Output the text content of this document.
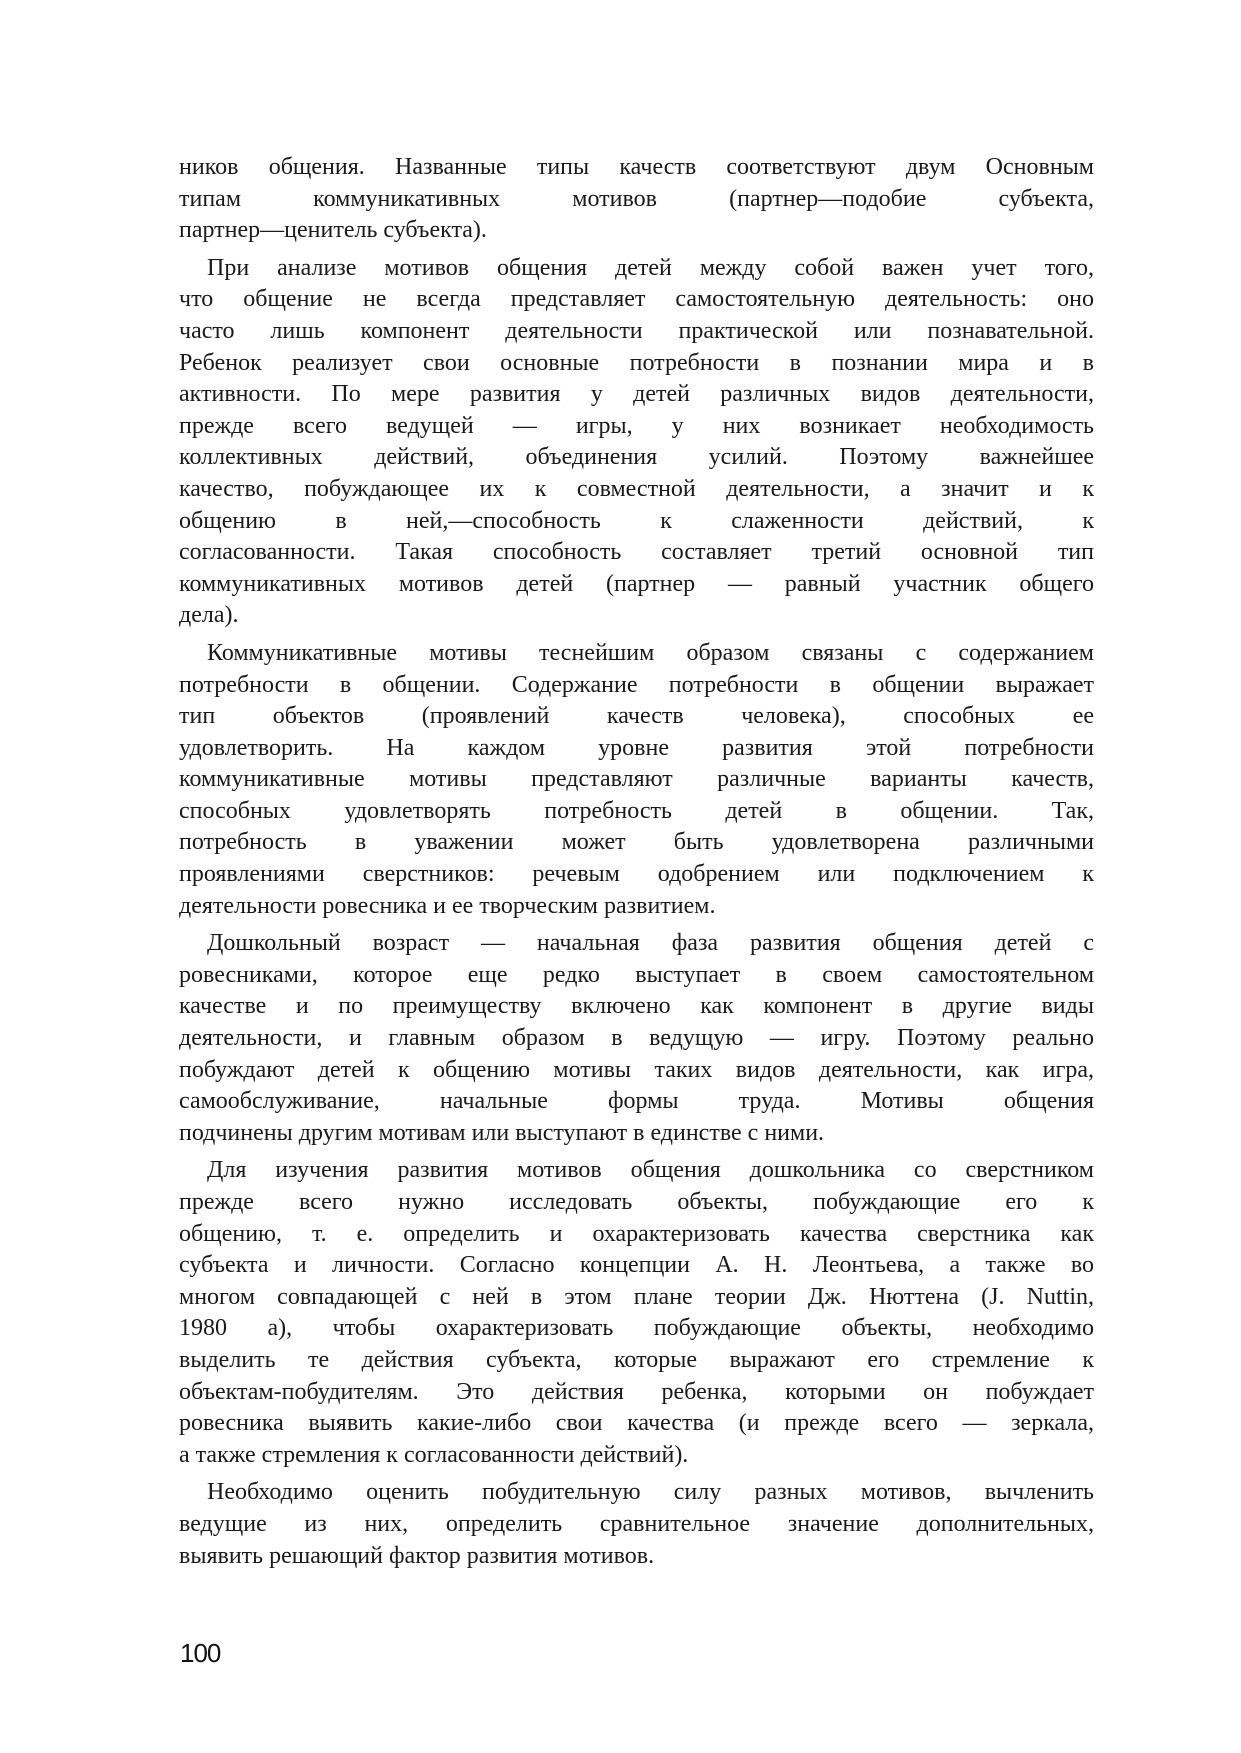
ников общения. Названные типы качеств соответствуют двум Основным
типам коммуникативных мотивов (партнер—подобие субъекта,
партнер—ценитель субъекта).
При анализе мотивов общения детей между собой важен учет того,
что общение не всегда представляет самостоятельную деятельность: оно
часто лишь компонент деятельности практической или познавательной.
Ребенок реализует свои основные потребности в познании мира и в
активности. По мере развития у детей различных видов деятельности,
прежде всего ведущей — игры, у них возникает необходимость
коллективных действий, объединения усилий. Поэтому важнейшее
качество, побуждающее их к совместной деятельности, а значит и к
общению в ней,—способность к слаженности действий, к
согласованности. Такая способность составляет третий основной тип
коммуникативных мотивов детей (партнер — равный участник общего
дела).
Коммуникативные мотивы теснейшим образом связаны с содержанием
потребности в общении. Содержание потребности в общении выражает
тип объектов (проявлений качеств человека), способных ее
удовлетворить. На каждом уровне развития этой потребности
коммуникативные мотивы представляют различные варианты качеств,
способных удовлетворять потребность детей в общении. Так,
потребность в уважении может быть удовлетворена различными
проявлениями сверстников: речевым одобрением или подключением к
деятельности ровесника и ее творческим развитием.
Дошкольный возраст — начальная фаза развития общения детей с
ровесниками, которое еще редко выступает в своем самостоятельном
качестве и по преимуществу включено как компонент в другие виды
деятельности, и главным образом в ведущую — игру. Поэтому реально
побуждают детей к общению мотивы таких видов деятельности, как игра,
самообслуживание, начальные формы труда. Мотивы общения
подчинены другим мотивам или выступают в единстве с ними.
Для изучения развития мотивов общения дошкольника со сверстником
прежде всего нужно исследовать объекты, побуждающие его к
общению, т. е. определить и охарактеризовать качества сверстника как
субъекта и личности. Согласно концепции А. Н. Леонтьева, а также во
многом совпадающей с ней в этом плане теории Дж. Нюттена (J. Nuttin,
1980 а), чтобы охарактеризовать побуждающие объекты, необходимо
выделить те действия субъекта, которые выражают его стремление к
объектам-побудителям. Это действия ребенка, которыми он побуждает
ровесника выявить какие-либо свои качества (и прежде всего — зеркала,
а также стремления к согласованности действий).
Необходимо оценить побудительную силу разных мотивов, вычленить
ведущие из них, определить сравнительное значение дополнительных,
выявить решающий фактор развития мотивов.
100
